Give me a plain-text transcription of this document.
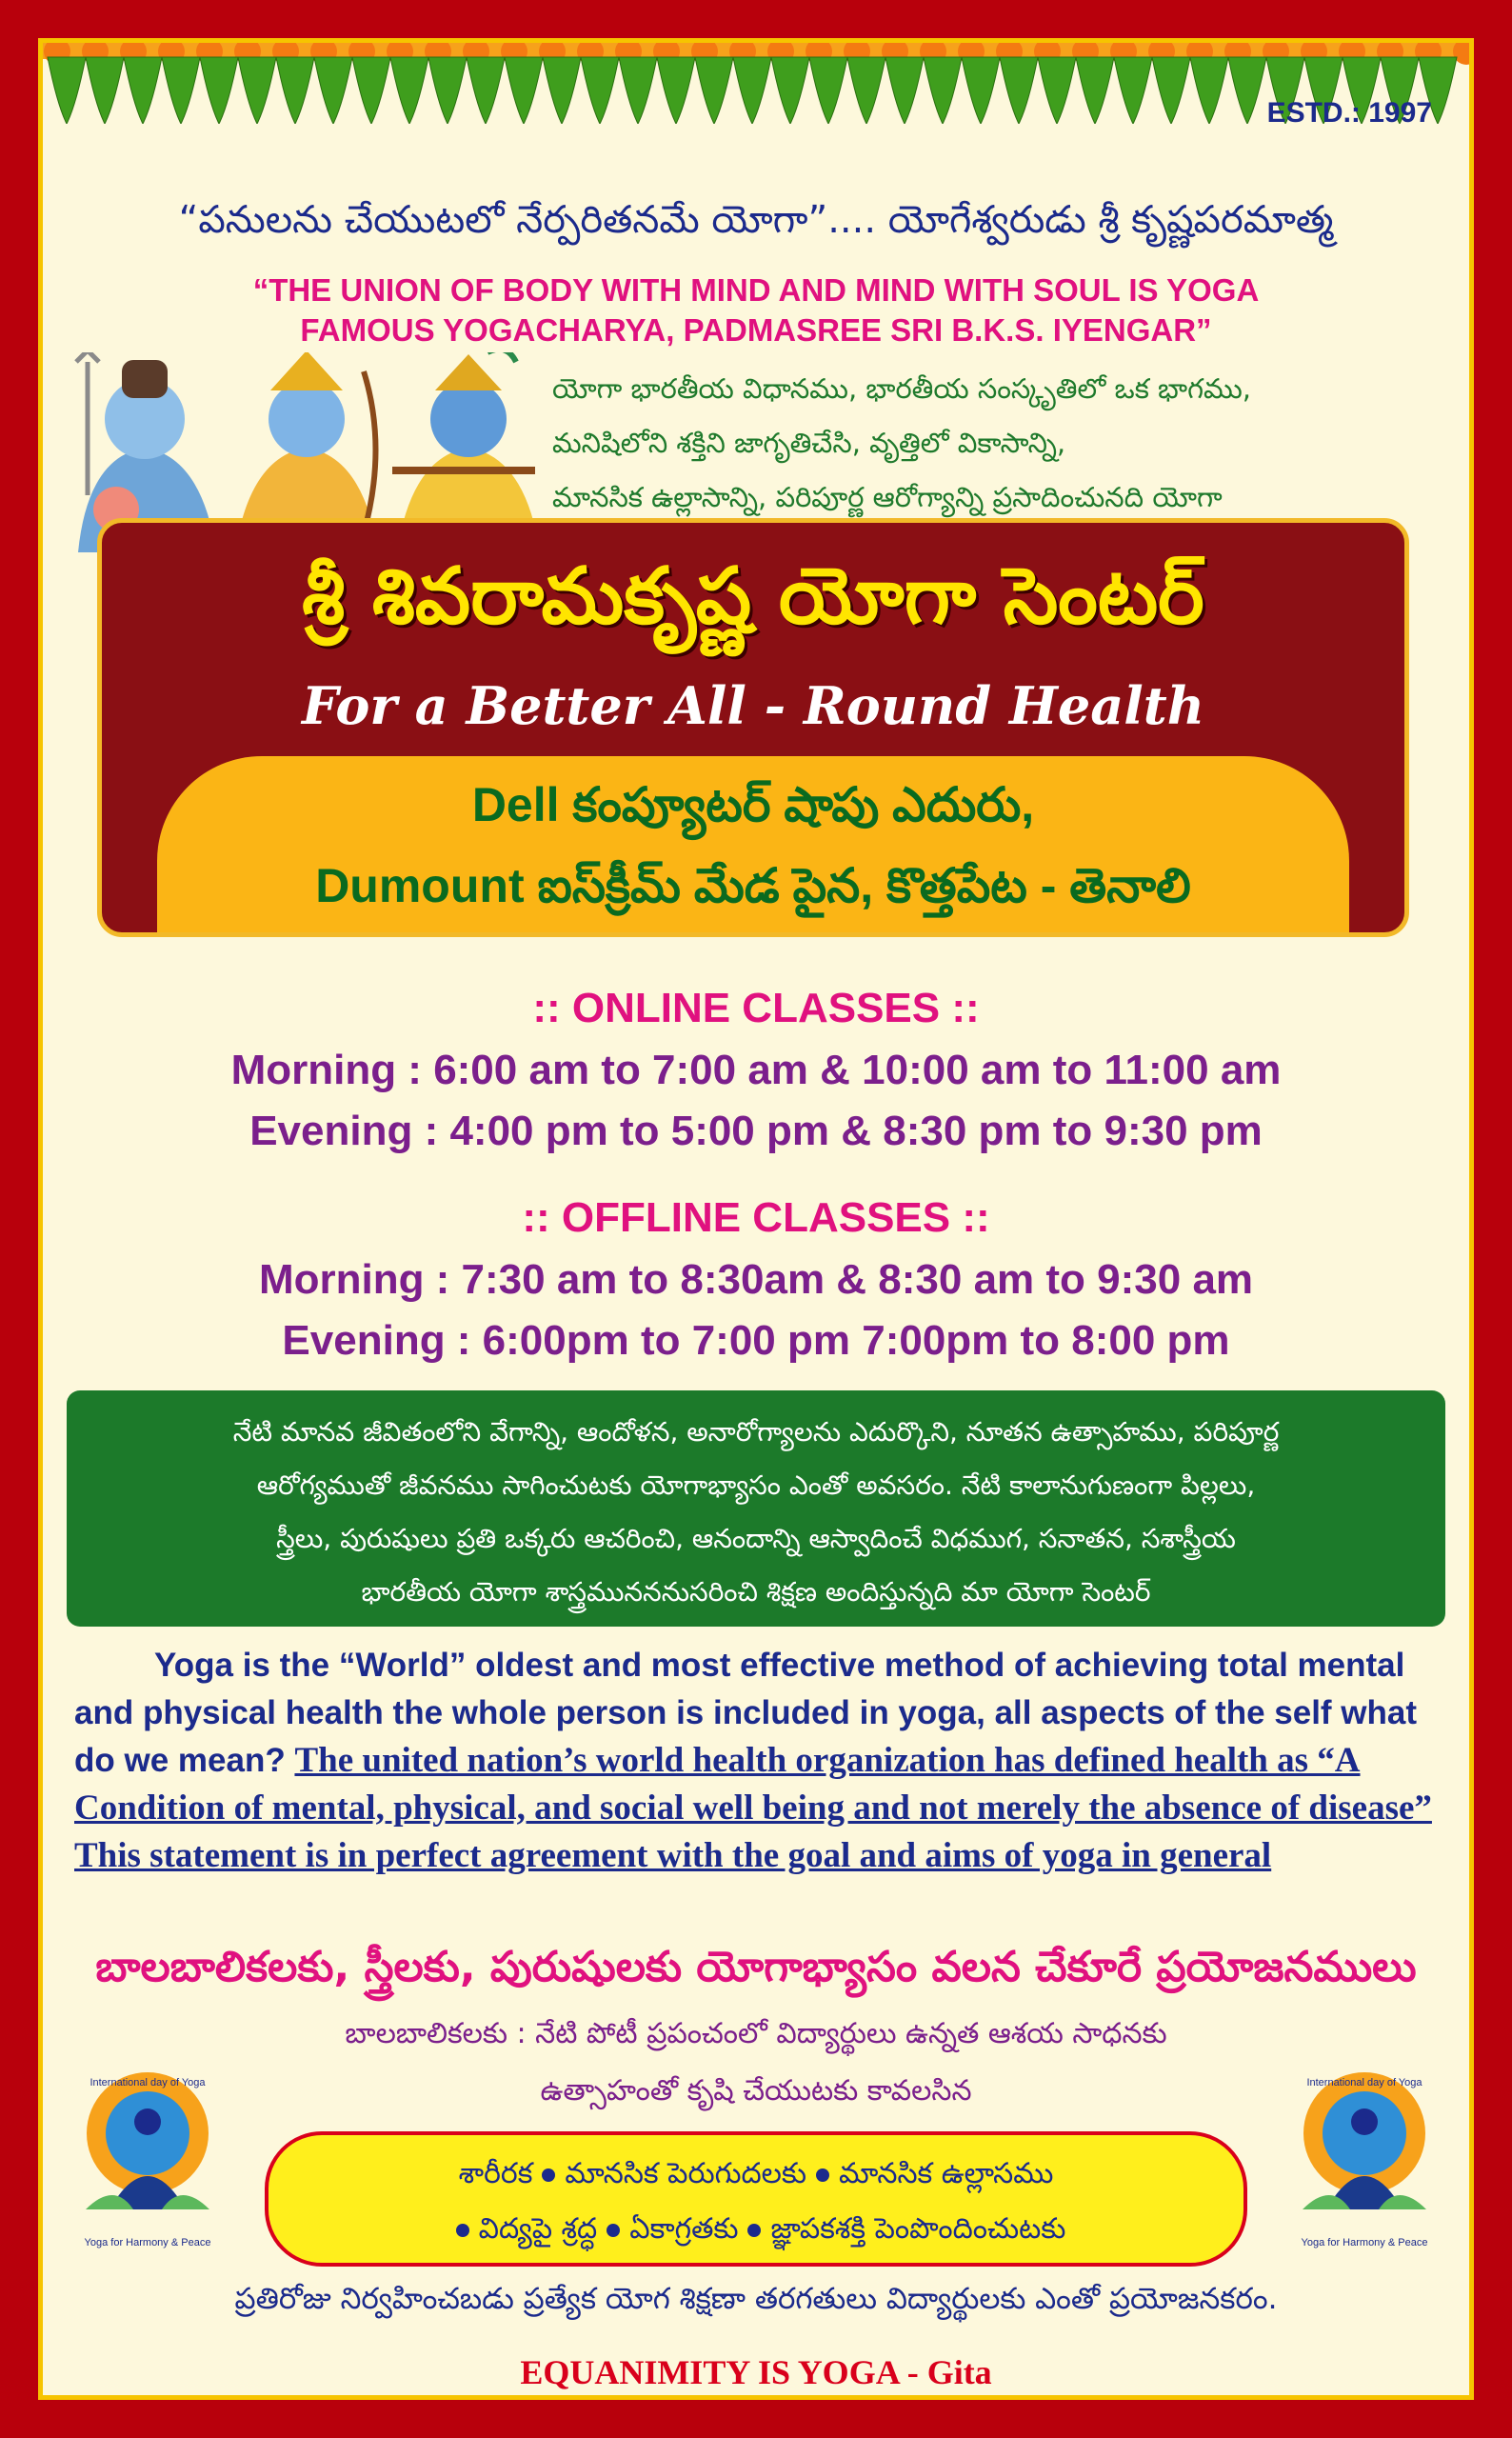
ESTD.: 1997
“పనులను చేయుటలో నేర్పరితనమే యోగా”.... యోగేశ్వరుడు శ్రీ కృష్ణపరమాత్మ
“THE UNION OF BODY WITH MIND AND MIND WITH SOUL IS YOGA
FAMOUS YOGACHARYA, PADMASREE SRI B.K.S. IYENGAR”
యోగా భారతీయ విధానము, భారతీయ సంస్కృతిలో ఒక భాగము,
మనిషిలోని శక్తిని జాగృతిచేసి, వృత్తిలో వికాసాన్ని,
మానసిక ఉల్లాసాన్ని, పరిపూర్ణ ఆరోగ్యాన్ని ప్రసాదించునది యోగా
శ్రీ శివరామకృష్ణ యోగా సెంటర్
For a Better All - Round Health
Dell కంప్యూటర్ షాపు ఎదురు,
Dumount ఐస్‌క్రీమ్ మేడ పైన, కొత్తపేట - తెనాలి
:: ONLINE CLASSES ::
Morning : 6:00 am to 7:00 am & 10:00 am to 11:00 am
Evening : 4:00 pm to 5:00 pm & 8:30 pm to 9:30 pm
:: OFFLINE CLASSES ::
Morning : 7:30 am to 8:30am & 8:30 am to 9:30 am
Evening : 6:00pm to 7:00 pm 7:00pm to 8:00 pm
నేటి మానవ జీవితంలోని వేగాన్ని, ఆందోళన, అనారోగ్యాలను ఎదుర్కొని, నూతన ఉత్సాహము, పరిపూర్ణ
ఆరోగ్యముతో జీవనము సాగించుటకు యోగాభ్యాసం ఎంతో అవసరం. నేటి కాలానుగుణంగా పిల్లలు,
స్త్రీలు, పురుషులు ప్రతి ఒక్కరు ఆచరించి, ఆనందాన్ని ఆస్వాదించే విధముగ, సనాతన, సశాస్త్రీయ
భారతీయ యోగా శాస్త్రమునననుసరించి శిక్షణ అందిస్తున్నది మా యోగా సెంటర్

Yoga is the “World” oldest and most effective method of achieving total mental and physical health the whole person is included in yoga, all aspects of the self what do we mean? The united nation’s world health organization has defined health as “A Condition of mental, physical, and social well being and not merely the absence of disease” This statement is in perfect agreement with the goal and aims of yoga in general

బాలబాలికలకు, స్త్రీలకు, పురుషులకు యోగాభ్యాసం వలన చేకూరే ప్రయోజనములు
బాలబాలికలకు : నేటి పోటీ ప్రపంచంలో విద్యార్థులు ఉన్నత ఆశయ సాధనకు
ఉత్సాహంతో కృషి చేయుటకు కావలసిన
International day of Yoga
Yoga for Harmony & Peace
International day of Yoga
Yoga for Harmony & Peace
శారీరక మానసిక పెరుగుదలకు మానసిక ఉల్లాసము
విద్యపై శ్రద్ధ ఏకాగ్రతకు జ్ఞాపకశక్తి పెంపొందించుటకు
ప్రతిరోజు నిర్వహించబడు ప్రత్యేక యోగ శిక్షణా తరగతులు విద్యార్థులకు ఎంతో ప్రయోజనకరం.
EQUANIMITY IS YOGA - Gita
